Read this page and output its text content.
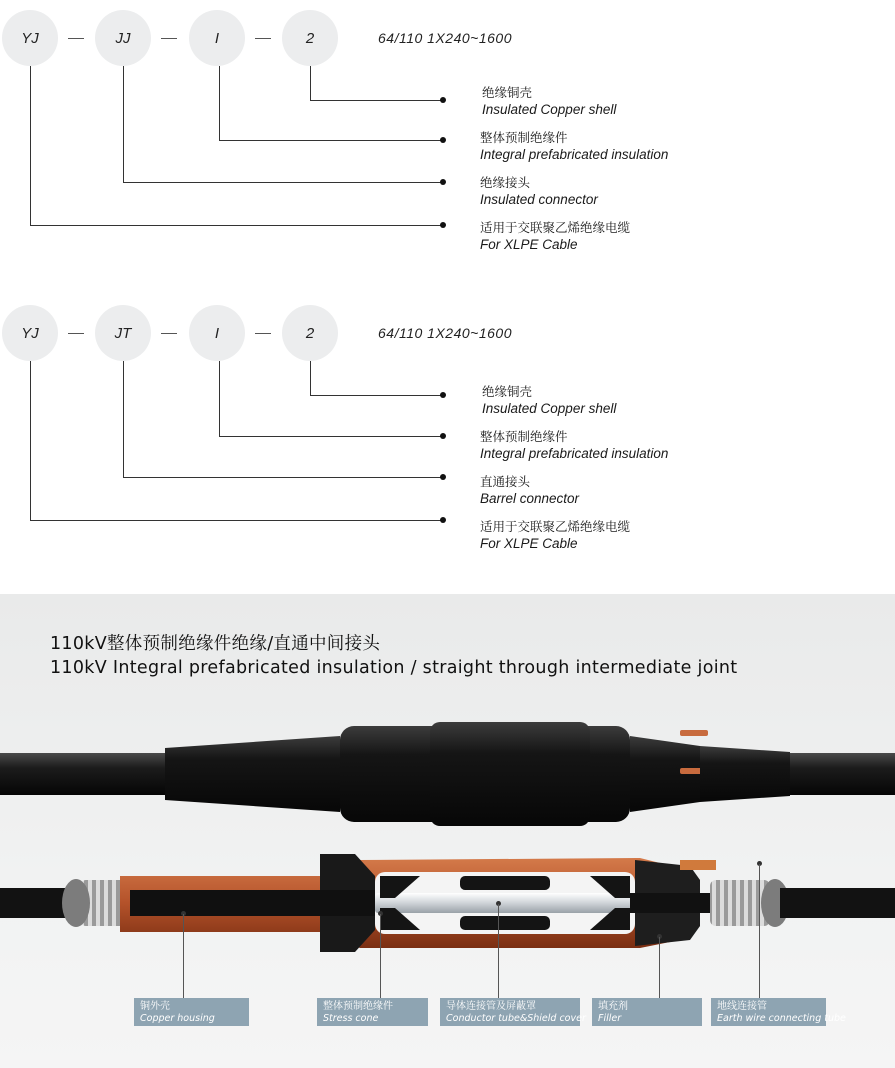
YJ	JJ	I	2	64/110 1X240~1600
绝缘铜壳
Insulated Copper shell
整体预制绝缘件
Integral prefabricated insulation
绝缘接头
Insulated connector
适用于交联聚乙烯绝缘电缆
For XLPE Cable
YJ	JT	I	2	64/110 1X240~1600
绝缘铜壳
Insulated Copper shell
整体预制绝缘件
Integral prefabricated insulation
直通接头
Barrel connector
适用于交联聚乙烯绝缘电缆
For XLPE Cable
110kV整体预制绝缘件绝缘/直通中间接头
110kV Integral prefabricated insulation / straight through intermediate joint
铜外壳
Copper housing
整体预制绝缘件
Stress cone
导体连接管及屏蔽罩
Conductor tube&Shield cover
填充剂
Filler
地线连接管
Earth wire connecting tube
